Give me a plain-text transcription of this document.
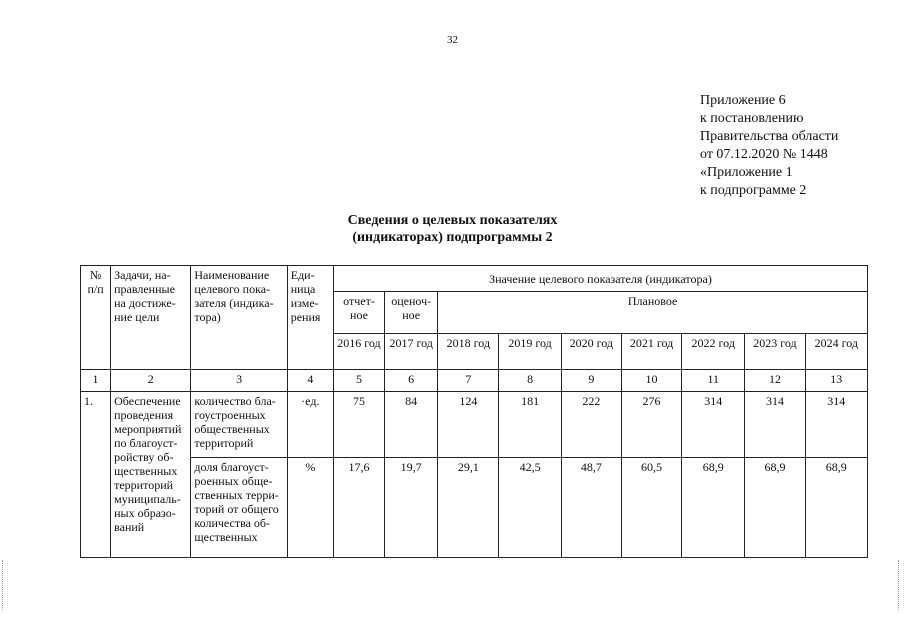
32
Приложение 6
к постановлению
Правительства области
от 07.12.2020 № 1448
«Приложение 1
к подпрограмме 2
Сведения о целевых показателях
(индикаторах) подпрограммы 2
№ п/п	Задачи, на-правленные на достиже-ние цели	Наименование целевого пока-зателя (индика-тора)	Еди-ница изме-рения	Значение целевого показателя (индикатора)								
				отчет-ное	оценоч-ное	Плановое						
				2016 год	2017 год	2018 год	2019 год	2020 год	2021 год	2022 год	2023 год	2024 год
1	2	3	4	5	6	7	8	9	10	11	12	13
1.	Обеспечение проведения мероприятий по благоуст-ройству об-щественных территорий муниципаль-ных образо-ваний	количество бла-гоустроенных общественных территорий	·ед.	75	84	124	181	222	276	314	314	314
		доля благоуст-роенных обще-ственных терри-торий от общего количества об-щественных	%	17,6	19,7	29,1	42,5	48,7	60,5	68,9	68,9	68,9
